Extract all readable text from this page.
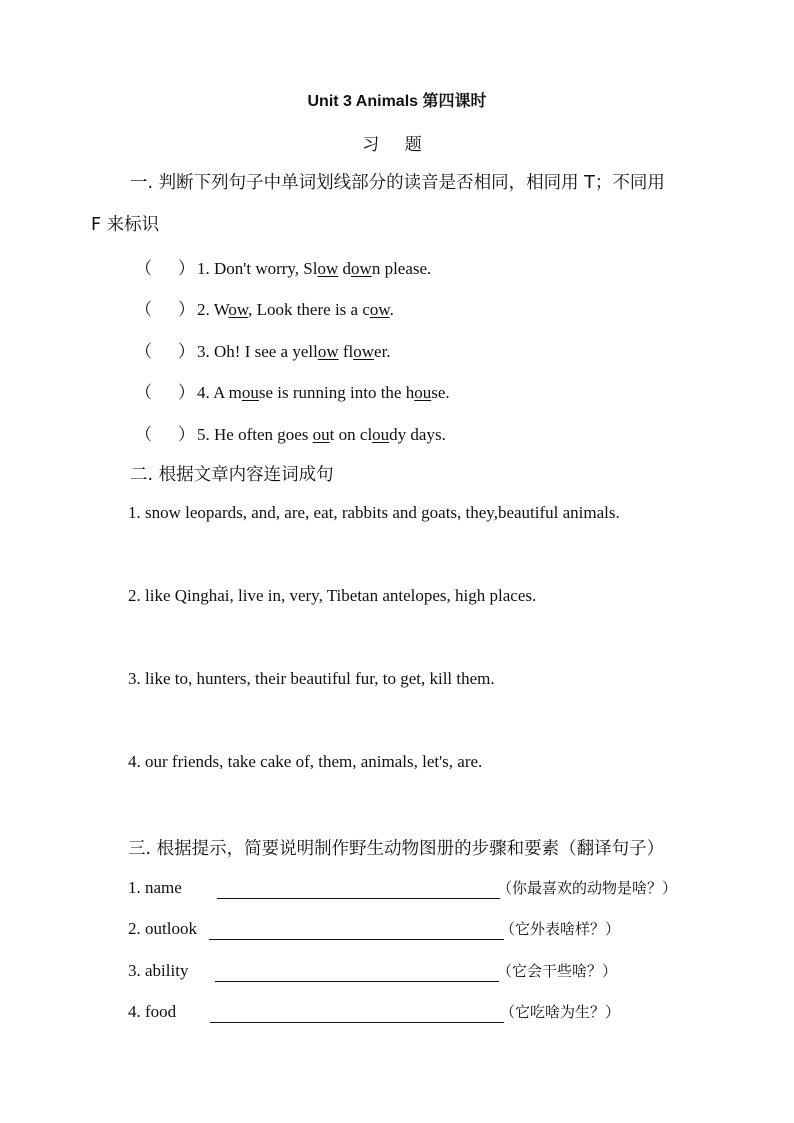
Unit 3 Animals 第四课时
习 题
一. 判断下列句子中单词划线部分的读音是否相同，相同用 T；不同用
F 来标识
（ ） 1. Don't worry, Slow down please.
（ ） 2. Wow, Look there is a cow.
（ ） 3. Oh! I see a yellow flower.
（ ） 4. A mouse is running into the house.
（ ） 5. He often goes out on cloudy days.
二. 根据文章内容连词成句
1. snow leopards, and, are, eat, rabbits and goats, they,beautiful animals.
2. like Qinghai, live in, very, Tibetan antelopes, high places.
3. like to, hunters, their beautiful fur, to get, kill them.
4. our friends, take cake of, them, animals, let's, are.
三. 根据提示，简要说明制作野生动物图册的步骤和要素（翻译句子）
1. name	（你最喜欢的动物是啥？）
2. outlook	（它外表啥样？）
3. ability	（它会干些啥？）
4. food	（它吃啥为生？）
